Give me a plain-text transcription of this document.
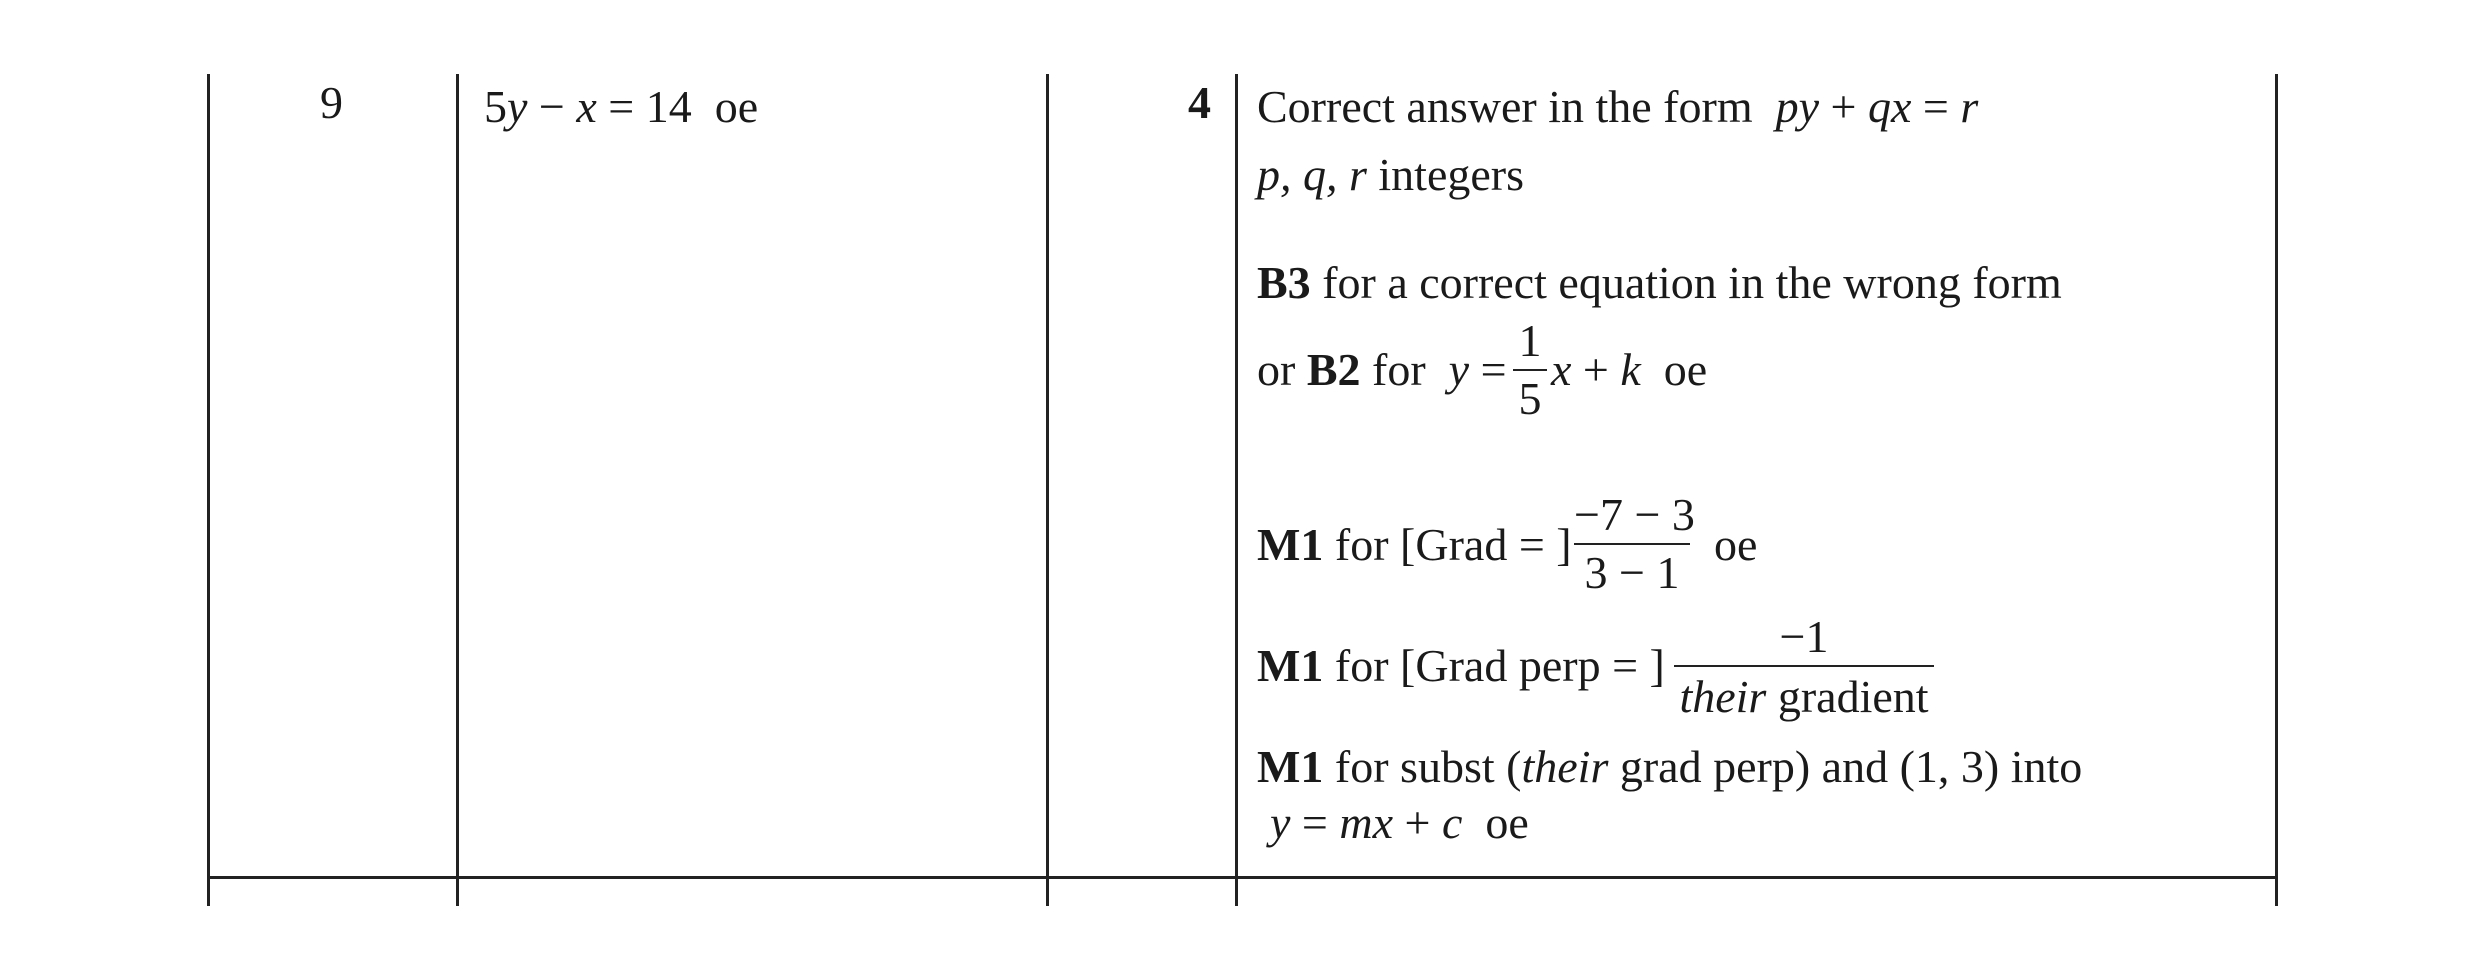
9	5y − x = 14 oe	4 Correct answer in the form py + qx = r
p, q, r integers
B3 for a correct equation in the wrong form
or B2 for y =
1
5
x + k oe
M1 for [Grad = ]
−7 − 3
3 − 1
oe
M1 for [Grad perp = ]
−1
their gradient
M1 for subst (their grad perp) and (1, 3) into
y = mx + c oe
